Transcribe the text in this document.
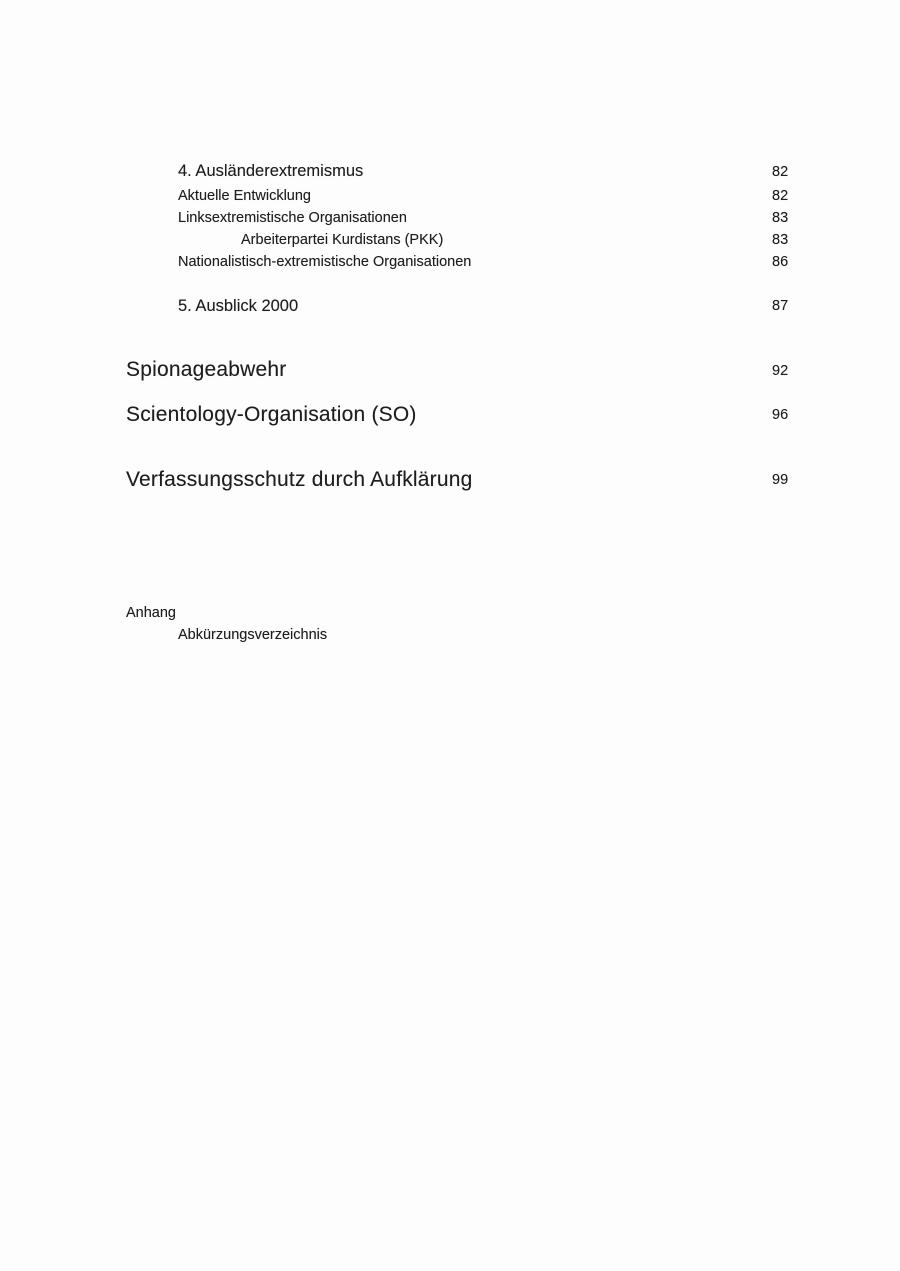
4. Ausländerextremismus	82
Aktuelle Entwicklung	82
Linksextremistische Organisationen	83
Arbeiterpartei Kurdistans (PKK)	83
Nationalistisch-extremistische Organisationen	86
5. Ausblick 2000	87
Spionageabwehr	92
Scientology-Organisation (SO)	96
Verfassungsschutz durch Aufklärung	99
Anhang
Abkürzungsverzeichnis
